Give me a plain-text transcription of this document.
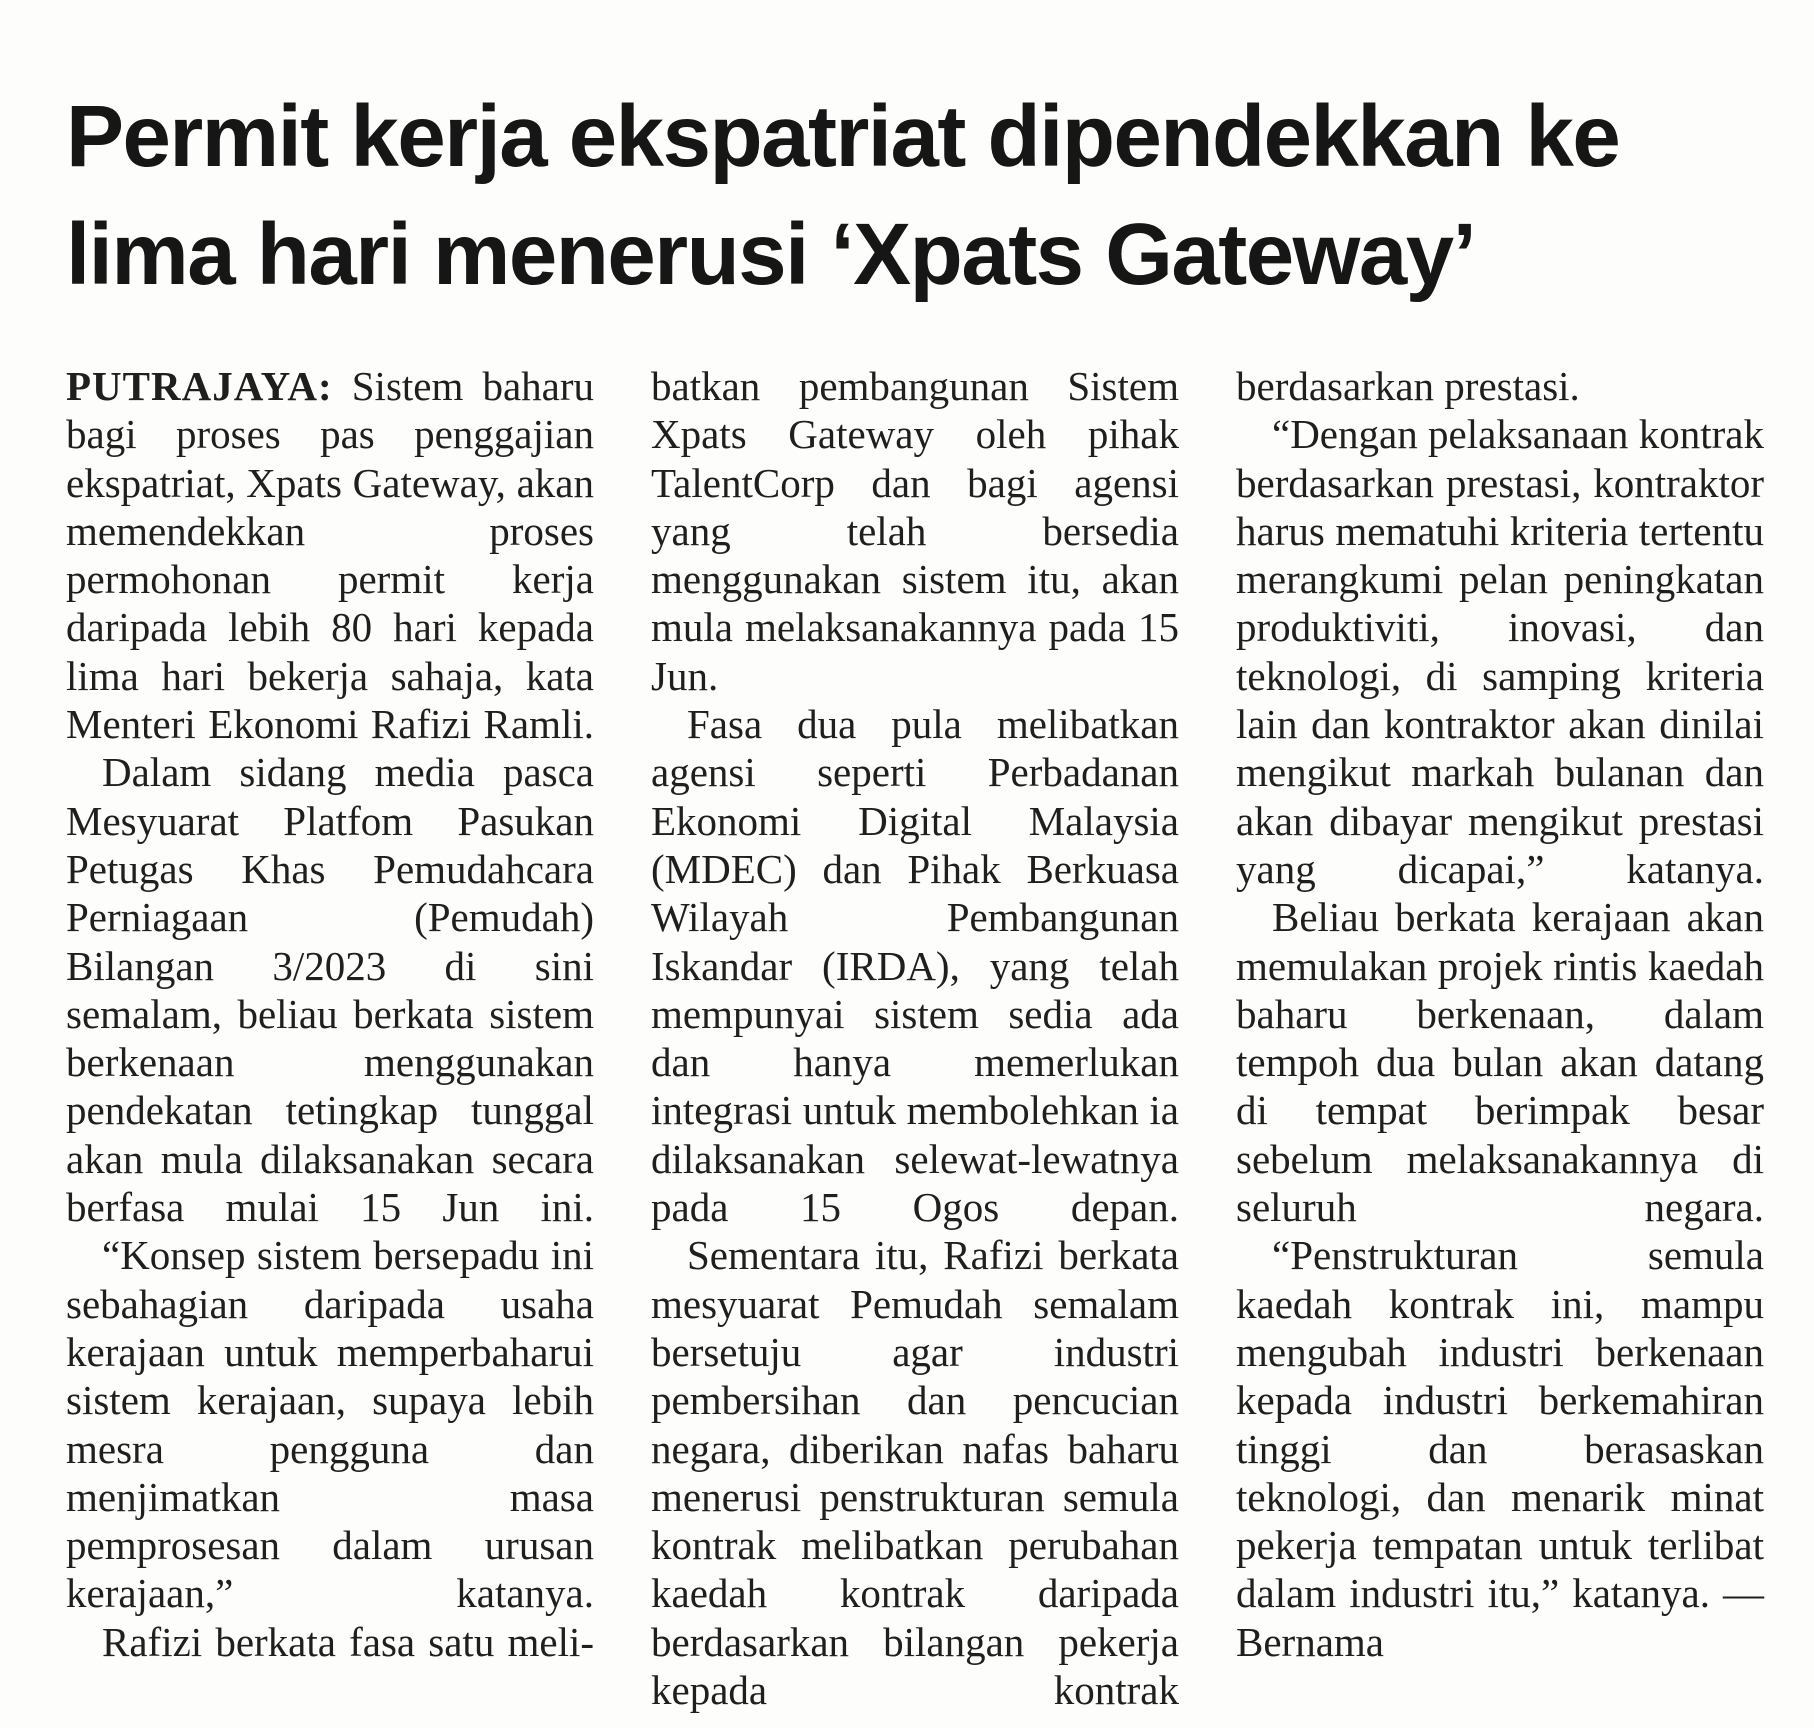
Permit kerja ekspatriat dipendekkan ke
lima hari menerusi ‘Xpats Gateway’

PUTRAJAYA: Sistem baharu bagi proses pas penggajian ekspatriat, Xpats Gateway, akan memendekkan proses permohonan permit kerja daripada lebih 80 hari kepada lima hari bekerja sahaja, kata Menteri Ekonomi Rafizi Ramli.

Dalam sidang media pasca Mesyuarat Platfom Pasukan Petugas Khas Pemudahcara Perniagaan (Pemudah) Bilangan 3/2023 di sini semalam, beliau berkata sistem berkenaan menggunakan pendekatan tetingkap tunggal akan mula dilaksanakan secara berfasa mulai 15 Jun ini.

“Konsep sistem bersepadu ini sebahagian daripada usaha kerajaan untuk memperbaharui sistem kerajaan, supaya lebih mesra pengguna dan menjimatkan masa pemprosesan dalam urusan kerajaan,” katanya.

Rafizi berkata fasa satu meli-

batkan pembangunan Sistem Xpats Gateway oleh pihak TalentCorp dan bagi agensi yang telah bersedia menggunakan sistem itu, akan mula melaksanakannya pada 15 Jun.

Fasa dua pula melibatkan agensi seperti Perbadanan Ekonomi Digital Malaysia (MDEC) dan Pihak Berkuasa Wilayah Pembangunan Iskandar (IRDA), yang telah mempunyai sistem sedia ada dan hanya memerlukan integrasi untuk membolehkan ia dilaksanakan selewat-lewatnya pada 15 Ogos depan.

Sementara itu, Rafizi berkata mesyuarat Pemudah semalam bersetuju agar industri pembersihan dan pencucian negara, diberikan nafas baharu menerusi penstrukturan semula kontrak melibatkan perubahan kaedah kontrak daripada berdasarkan bilangan pekerja kepada kontrak

berdasarkan prestasi.

“Dengan pelaksanaan kontrak berdasarkan prestasi, kontraktor harus mematuhi kriteria tertentu merangkumi pelan peningkatan produktiviti, inovasi, dan teknologi, di samping kriteria lain dan kontraktor akan dinilai mengikut markah bulanan dan akan dibayar mengikut prestasi yang dicapai,” katanya.

Beliau berkata kerajaan akan memulakan projek rintis kaedah baharu berkenaan, dalam tempoh dua bulan akan datang di tempat berimpak besar sebelum melaksanakannya di seluruh negara.

“Penstrukturan semula kaedah kontrak ini, mampu mengubah industri berkenaan kepada industri berkemahiran tinggi dan berasaskan teknologi, dan menarik minat pekerja tempatan untuk terlibat dalam industri itu,” katanya. — Bernama
